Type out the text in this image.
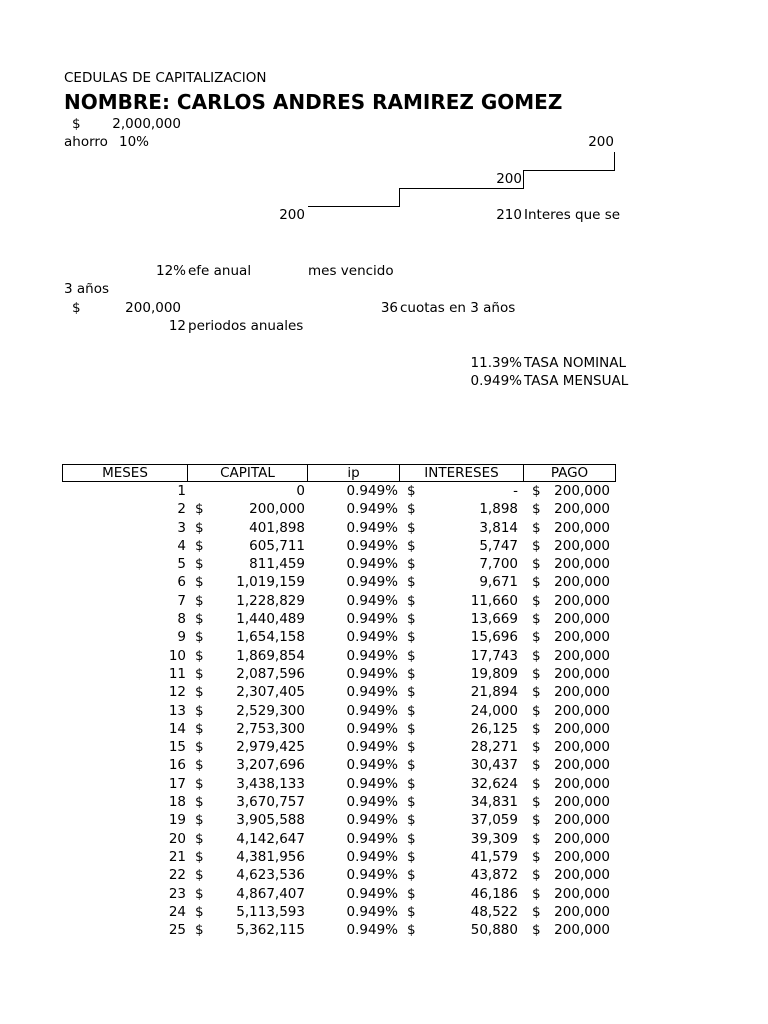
CEDULAS DE CAPITALIZACION
NOMBRE: CARLOS ANDRES RAMIREZ GOMEZ
$	2,000,000
ahorro 10%	200
200
200	210 Interes que se
12% efe anual	mes vencido
3 años
$	200,000	36 cuotas en 3 años
12 periodos anuales
11.39% TASA NOMINAL
0.949% TASA MENSUAL
MESES	CAPITAL	ip	INTERESES	PAGO
1	0	0.949% $	- $	200,000
2 $	200,000	0.949% $	1,898 $	200,000
3 $	401,898	0.949% $	3,814 $	200,000
4 $	605,711	0.949% $	5,747 $	200,000
5 $	811,459	0.949% $	7,700 $	200,000
6 $	1,019,159	0.949% $	9,671 $	200,000
7 $	1,228,829	0.949% $	11,660 $	200,000
8 $	1,440,489	0.949% $	13,669 $	200,000
9 $	1,654,158	0.949% $	15,696 $	200,000
10 $	1,869,854	0.949% $	17,743 $	200,000
11 $	2,087,596	0.949% $	19,809 $	200,000
12 $	2,307,405	0.949% $	21,894 $	200,000
13 $	2,529,300	0.949% $	24,000 $	200,000
14 $	2,753,300	0.949% $	26,125 $	200,000
15 $	2,979,425	0.949% $	28,271 $	200,000
16 $	3,207,696	0.949% $	30,437 $	200,000
17 $	3,438,133	0.949% $	32,624 $	200,000
18 $	3,670,757	0.949% $	34,831 $	200,000
19 $	3,905,588	0.949% $	37,059 $	200,000
20 $	4,142,647	0.949% $	39,309 $	200,000
21 $	4,381,956	0.949% $	41,579 $	200,000
22 $	4,623,536	0.949% $	43,872 $	200,000
23 $	4,867,407	0.949% $	46,186 $	200,000
24 $	5,113,593	0.949% $	48,522 $	200,000
25 $	5,362,115	0.949% $	50,880 $	200,000
